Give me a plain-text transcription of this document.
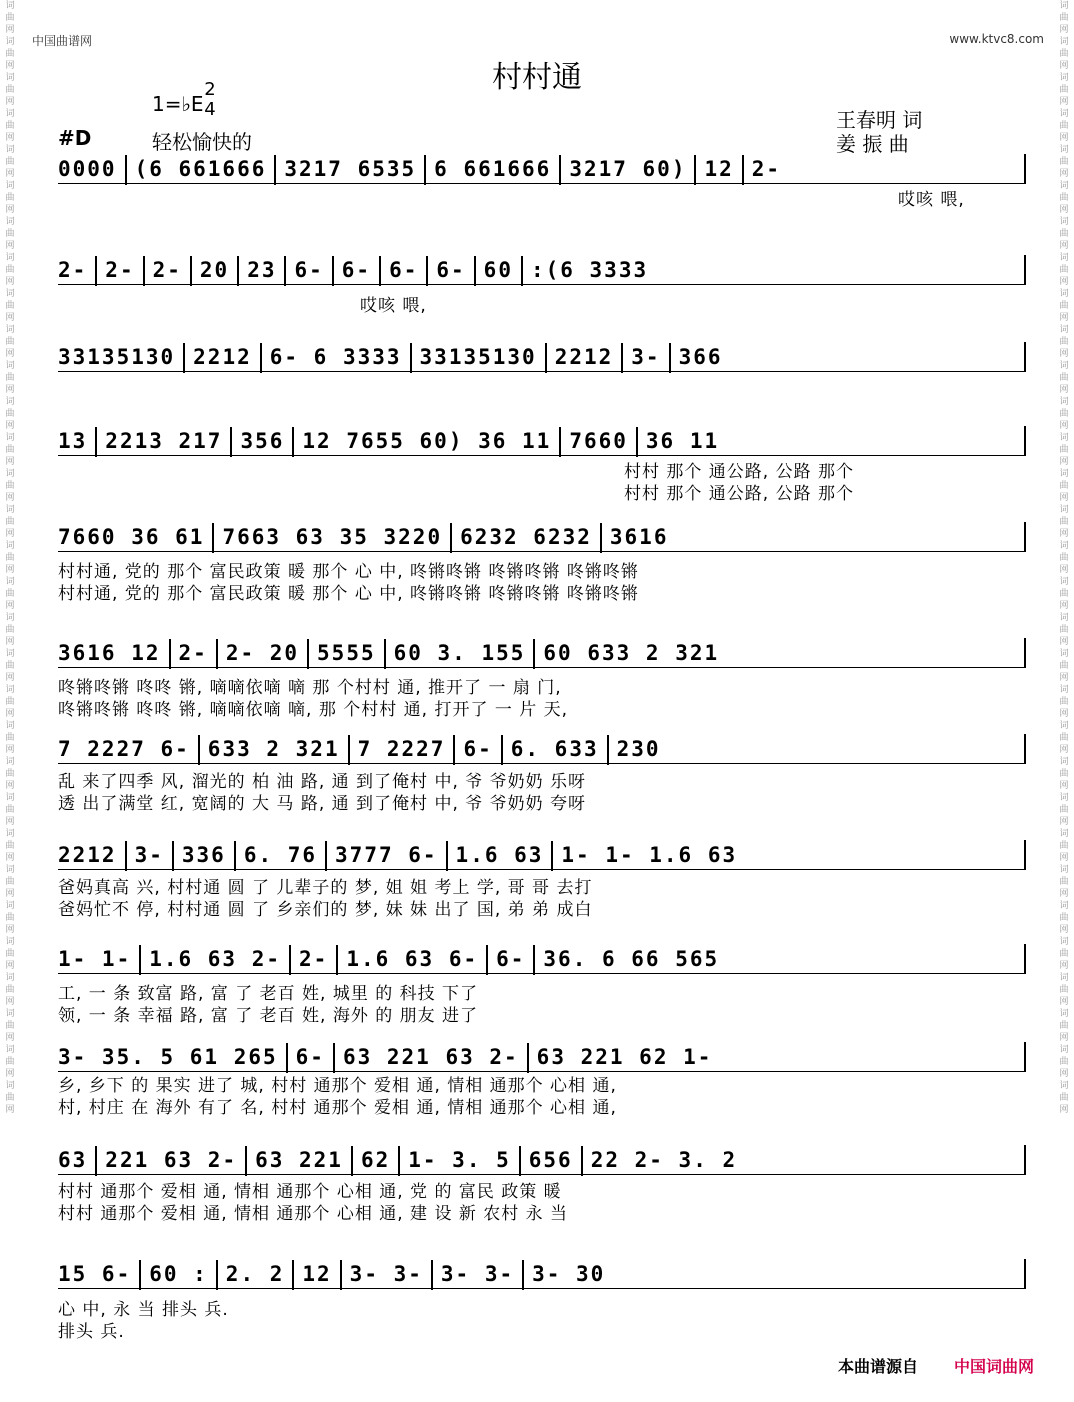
词曲网词曲网词曲网词曲网词曲网词曲网词曲网词曲网词曲网词曲网词曲网词曲网词曲网词曲网词曲网词曲网词曲网词曲网词曲网词曲网词曲网词曲网词曲网词曲网词曲网词曲网词曲网词曲网词曲网词曲网词曲网
词曲网词曲网词曲网词曲网词曲网词曲网词曲网词曲网词曲网词曲网词曲网词曲网词曲网词曲网词曲网词曲网词曲网词曲网词曲网词曲网词曲网词曲网词曲网词曲网词曲网词曲网词曲网词曲网词曲网词曲网词曲网
中国曲谱网	www.ktvc8.com
村村通
1=♭E
2
4
#D	轻松愉快的
王春明 词
姜 振 曲
0000 (6 661666 3217 6535 6 661666 3217 60) 12 2-
哎咳 喂,
2- 2- 2- 20 23 6- 6- 6- 6- 60 :(6 3333
哎咳 喂,
33135130 2212 6- 6 3333 33135130 2212 3- 366
13 2213 217 356 12 7655 60) 36 11 7660 36 11
村村 那个 通公路, 公路 那个
村村 那个 通公路, 公路 那个
7660 36 61 7663 63 35 3220 6232 6232 3616
村村通, 党的 那个 富民政策 暖 那个 心 中, 咚锵咚锵 咚锵咚锵 咚锵咚锵
村村通, 党的 那个 富民政策 暖 那个 心 中, 咚锵咚锵 咚锵咚锵 咚锵咚锵
3616 12 2- 2- 20 5555 60 3. 155 60 633 2 321
咚锵咚锵 咚咚 锵, 嘀嘀依嘀 嘀 那 个村村 通, 推开了 一 扇 门,
咚锵咚锵 咚咚 锵, 嘀嘀依嘀 嘀, 那 个村村 通, 打开了 一 片 天,
7 2227 6- 633 2 321 7 2227 6- 6. 633 230
乱 来了四季 风, 溜光的 柏 油 路, 通 到了俺村 中, 爷 爷奶奶 乐呀
透 出了满堂 红, 宽阔的 大 马 路, 通 到了俺村 中, 爷 爷奶奶 夸呀
2212 3- 336 6. 76 3777 6- 1.6 63 1- 1- 1.6 63
爸妈真高 兴, 村村通 圆 了 儿辈子的 梦, 姐 姐 考上 学, 哥 哥 去打
爸妈忙不 停, 村村通 圆 了 乡亲们的 梦, 妹 妹 出了 国, 弟 弟 成白
1- 1- 1.6 63 2- 2- 1.6 63 6- 6- 36. 6 66 565
工, 一 条 致富 路, 富 了 老百 姓, 城里 的 科技 下了
领, 一 条 幸福 路, 富 了 老百 姓, 海外 的 朋友 进了
3- 35. 5 61 265 6- 63 221 63 2- 63 221 62 1-
乡, 乡下 的 果实 进了 城, 村村 通那个 爱相 通, 情相 通那个 心相 通,
村, 村庄 在 海外 有了 名, 村村 通那个 爱相 通, 情相 通那个 心相 通,
63 221 63 2- 63 221 62 1- 3. 5 656 22 2- 3. 2
村村 通那个 爱相 通, 情相 通那个 心相 通, 党 的 富民 政策 暖
村村 通那个 爱相 通, 情相 通那个 心相 通, 建 设 新 农村 永 当
15 6- 60 : 2. 2 12 3- 3- 3- 3- 3- 30
心 中, 永 当 排头 兵.
排头 兵.
本曲谱源自 中国词曲网
